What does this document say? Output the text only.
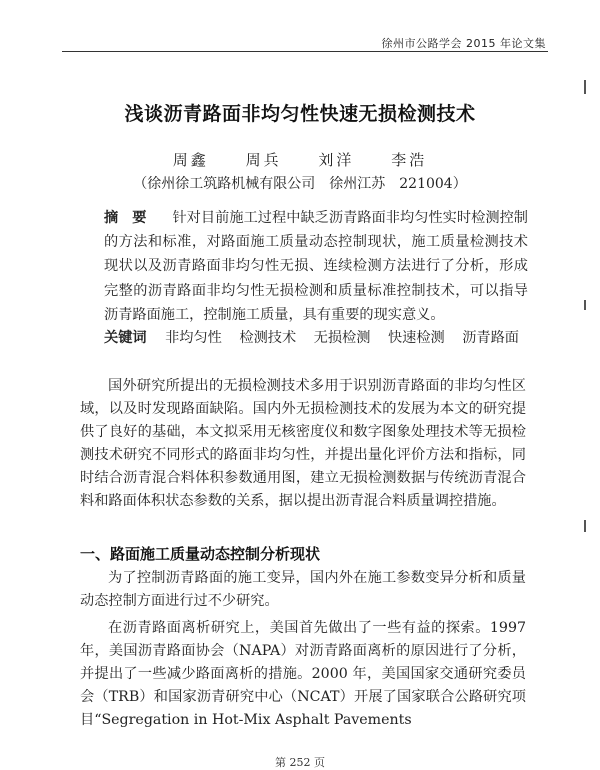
徐州市公路学会 2015 年论文集
浅谈沥青路面非均匀性快速无损检测技术
周鑫 周兵 刘洋 李浩
（徐州徐工筑路机械有限公司　徐州江苏　221004）
摘要 针对目前施工过程中缺乏沥青路面非均匀性实时检测控制的方法和标准，对路面施工质量动态控制现状，施工质量检测技术现状以及沥青路面非均匀性无损、连续检测方法进行了分析，形成完整的沥青路面非均匀性无损检测和质量标准控制技术，可以指导沥青路面施工，控制施工质量，具有重要的现实意义。
关键词 非均匀性 检测技术 无损检测 快速检测 沥青路面
国外研究所提出的无损检测技术多用于识别沥青路面的非均匀性区域，以及时发现路面缺陷。国内外无损检测技术的发展为本文的研究提供了良好的基础，本文拟采用无核密度仪和数字图象处理技术等无损检测技术研究不同形式的路面非均匀性，并提出量化评价方法和指标，同时结合沥青混合料体积参数通用图，建立无损检测数据与传统沥青混合料和路面体积状态参数的关系，据以提出沥青混合料质量调控措施。
一、路面施工质量动态控制分析现状
为了控制沥青路面的施工变异，国内外在施工参数变异分析和质量动态控制方面进行过不少研究。
在沥青路面离析研究上，美国首先做出了一些有益的探索。1997 年，美国沥青路面协会（NAPA）对沥青路面离析的原因进行了分析，并提出了一些减少路面离析的措施。2000 年，美国国家交通研究委员会（TRB）和国家沥青研究中心（NCAT）开展了国家联合公路研究项目“Segregation in Hot-Mix Asphalt Pavements
第 252 页
